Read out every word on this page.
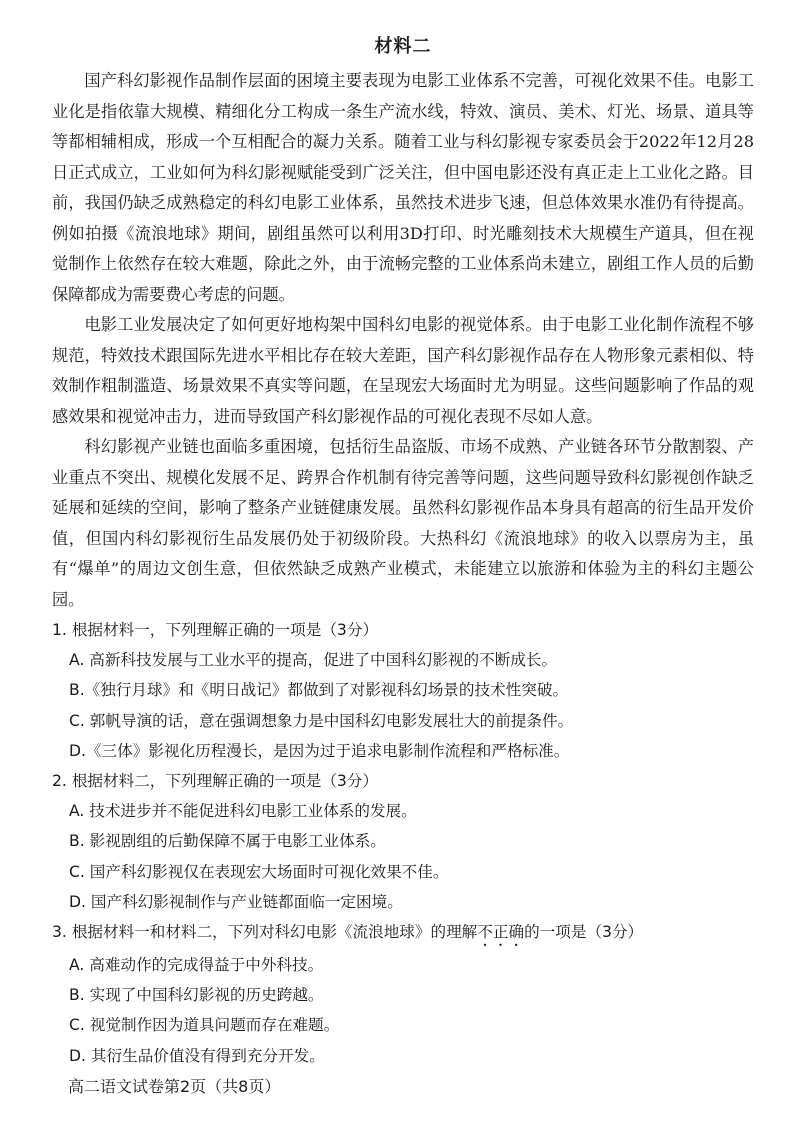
材料二

国产科幻影视作品制作层面的困境主要表现为电影工业体系不完善，可视化效果不佳。电影工业化是指依靠大规模、精细化分工构成一条生产流水线，特效、演员、美术、灯光、场景、道具等等都相辅相成，形成一个互相配合的凝力关系。随着工业与科幻影视专家委员会于2022年12月28日正式成立，工业如何为科幻影视赋能受到广泛关注，但中国电影还没有真正走上工业化之路。目前，我国仍缺乏成熟稳定的科幻电影工业体系，虽然技术进步飞速，但总体效果水准仍有待提高。例如拍摄《流浪地球》期间，剧组虽然可以利用3D打印、时光雕刻技术大规模生产道具，但在视觉制作上依然存在较大难题，除此之外，由于流畅完整的工业体系尚未建立，剧组工作人员的后勤保障都成为需要费心考虑的问题。

电影工业发展决定了如何更好地构架中国科幻电影的视觉体系。由于电影工业化制作流程不够规范，特效技术跟国际先进水平相比存在较大差距，国产科幻影视作品存在人物形象元素相似、特效制作粗制滥造、场景效果不真实等问题，在呈现宏大场面时尤为明显。这些问题影响了作品的观感效果和视觉冲击力，进而导致国产科幻影视作品的可视化表现不尽如人意。

科幻影视产业链也面临多重困境，包括衍生品盗版、市场不成熟、产业链各环节分散割裂、产业重点不突出、规模化发展不足、跨界合作机制有待完善等问题，这些问题导致科幻影视创作缺乏延展和延续的空间，影响了整条产业链健康发展。虽然科幻影视作品本身具有超高的衍生品开发价值，但国内科幻影视衍生品发展仍处于初级阶段。大热科幻《流浪地球》的收入以票房为主，虽有“爆单”的周边文创生意，但依然缺乏成熟产业模式，未能建立以旅游和体验为主的科幻主题公园。

1. 根据材料一，下列理解正确的一项是（3分）

A. 高新科技发展与工业水平的提高，促进了中国科幻影视的不断成长。

B.《独行月球》和《明日战记》都做到了对影视科幻场景的技术性突破。

C. 郭帆导演的话，意在强调想象力是中国科幻电影发展壮大的前提条件。

D.《三体》影视化历程漫长，是因为过于追求电影制作流程和严格标准。

2. 根据材料二，下列理解正确的一项是（3分）

A. 技术进步并不能促进科幻电影工业体系的发展。

B. 影视剧组的后勤保障不属于电影工业体系。

C. 国产科幻影视仅在表现宏大场面时可视化效果不佳。

D. 国产科幻影视制作与产业链都面临一定困境。

3. 根据材料一和材料二，下列对科幻电影《流浪地球》的理解不正确的一项是（3分）

A. 高难动作的完成得益于中外科技。

B. 实现了中国科幻影视的历史跨越。

C. 视觉制作因为道具问题而存在难题。

D. 其衍生品价值没有得到充分开发。

高二语文试卷第2页（共8页）
